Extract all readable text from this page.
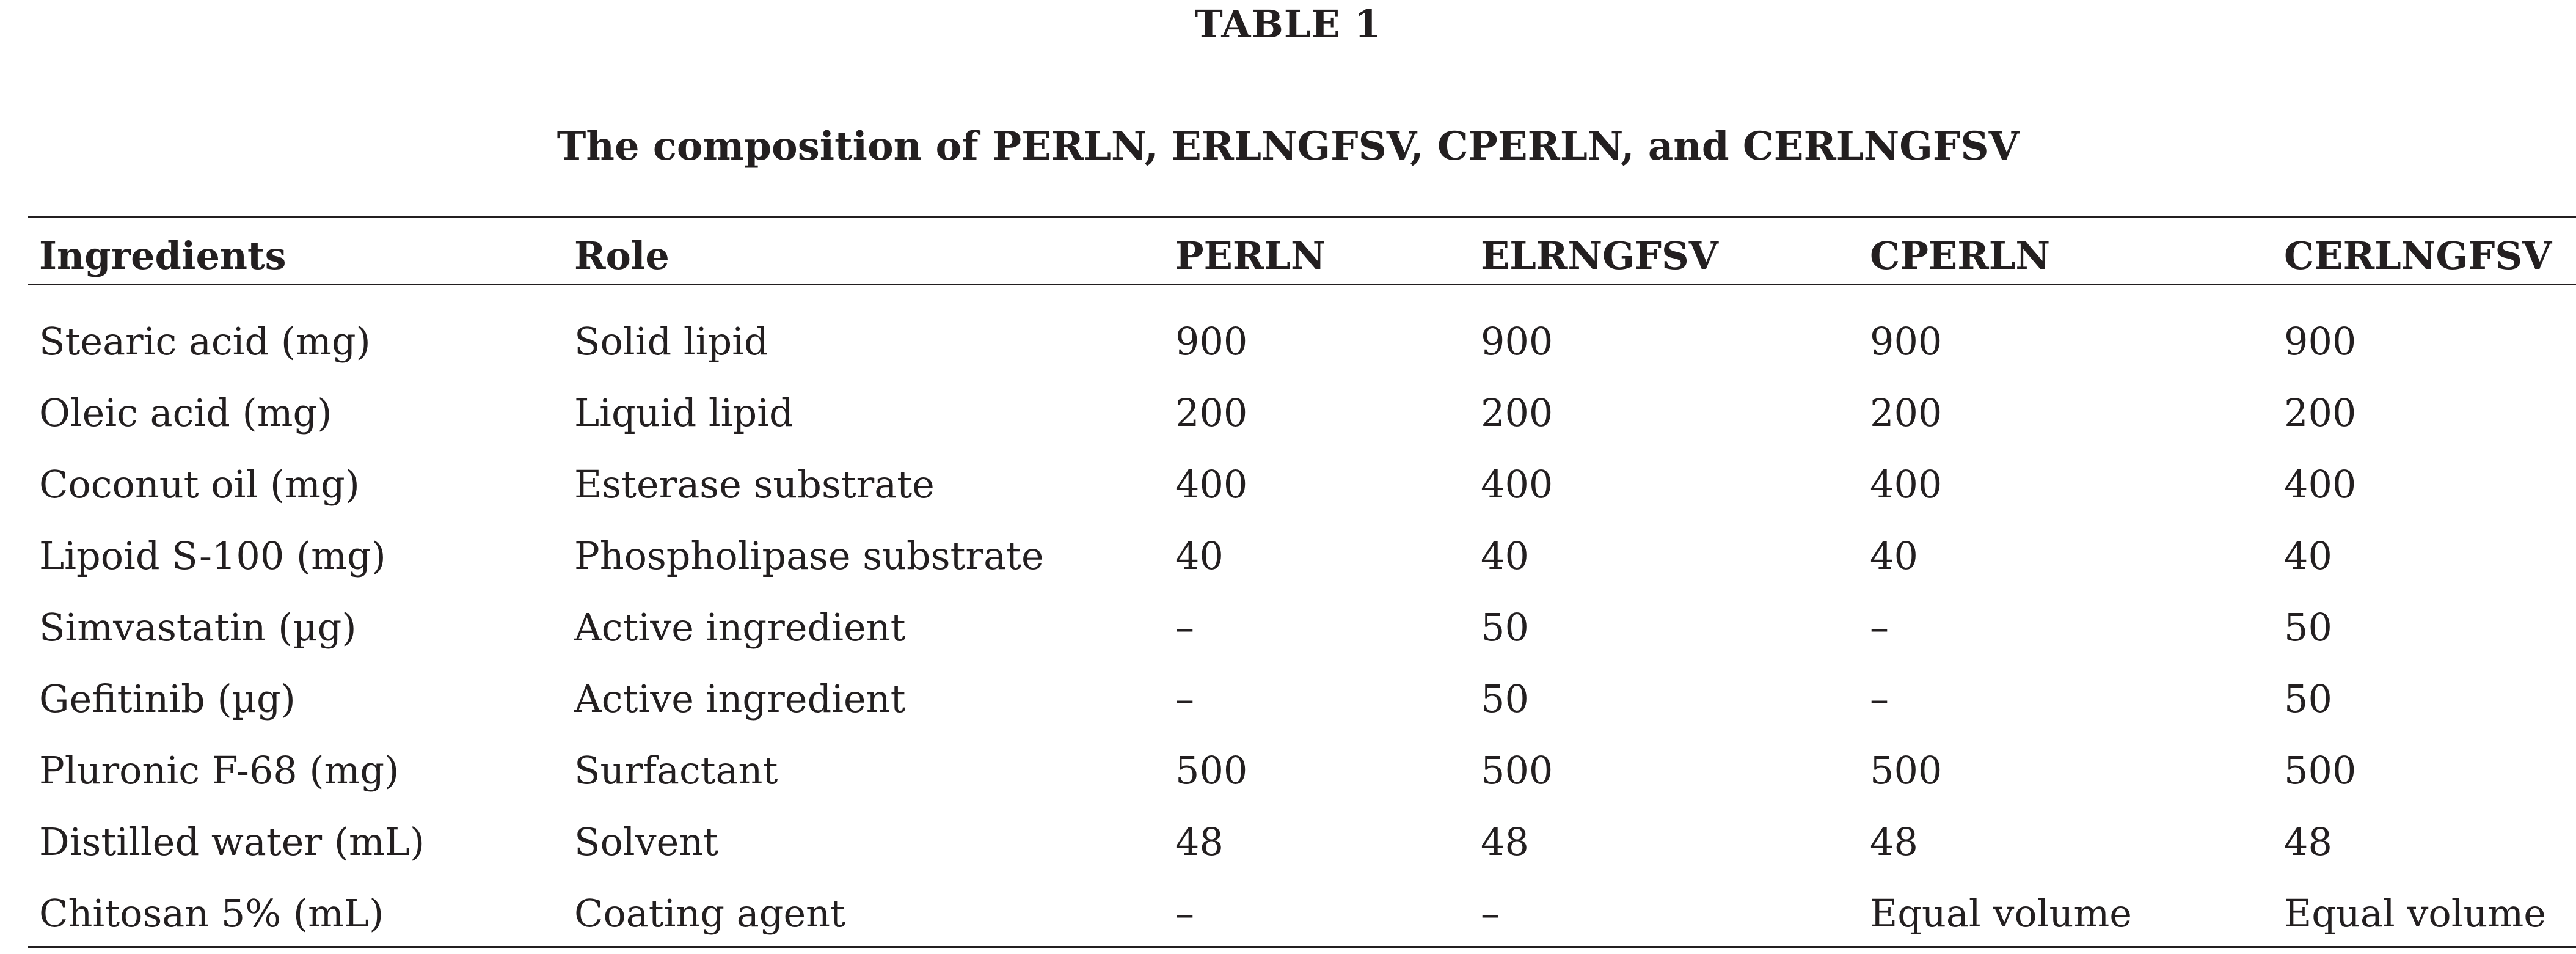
TABLE 1
The composition of PERLN, ERLNGFSV, CPERLN, and CERLNGFSV
Ingredients	Role	PERLN	ELRNGFSV	CPERLN	CERLNGFSV
Stearic acid (mg)	Solid lipid	900	900	900	900
Oleic acid (mg)	Liquid lipid	200	200	200	200
Coconut oil (mg)	Esterase substrate	400	400	400	400
Lipoid S-100 (mg)	Phospholipase substrate	40	40	40	40
Simvastatin (µg)	Active ingredient	–	50	–	50
Gefitinib (µg)	Active ingredient	–	50	–	50
Pluronic F-68 (mg)	Surfactant	500	500	500	500
Distilled water (mL)	Solvent	48	48	48	48
Chitosan 5% (mL)	Coating agent	–	–	Equal volume	Equal volume
